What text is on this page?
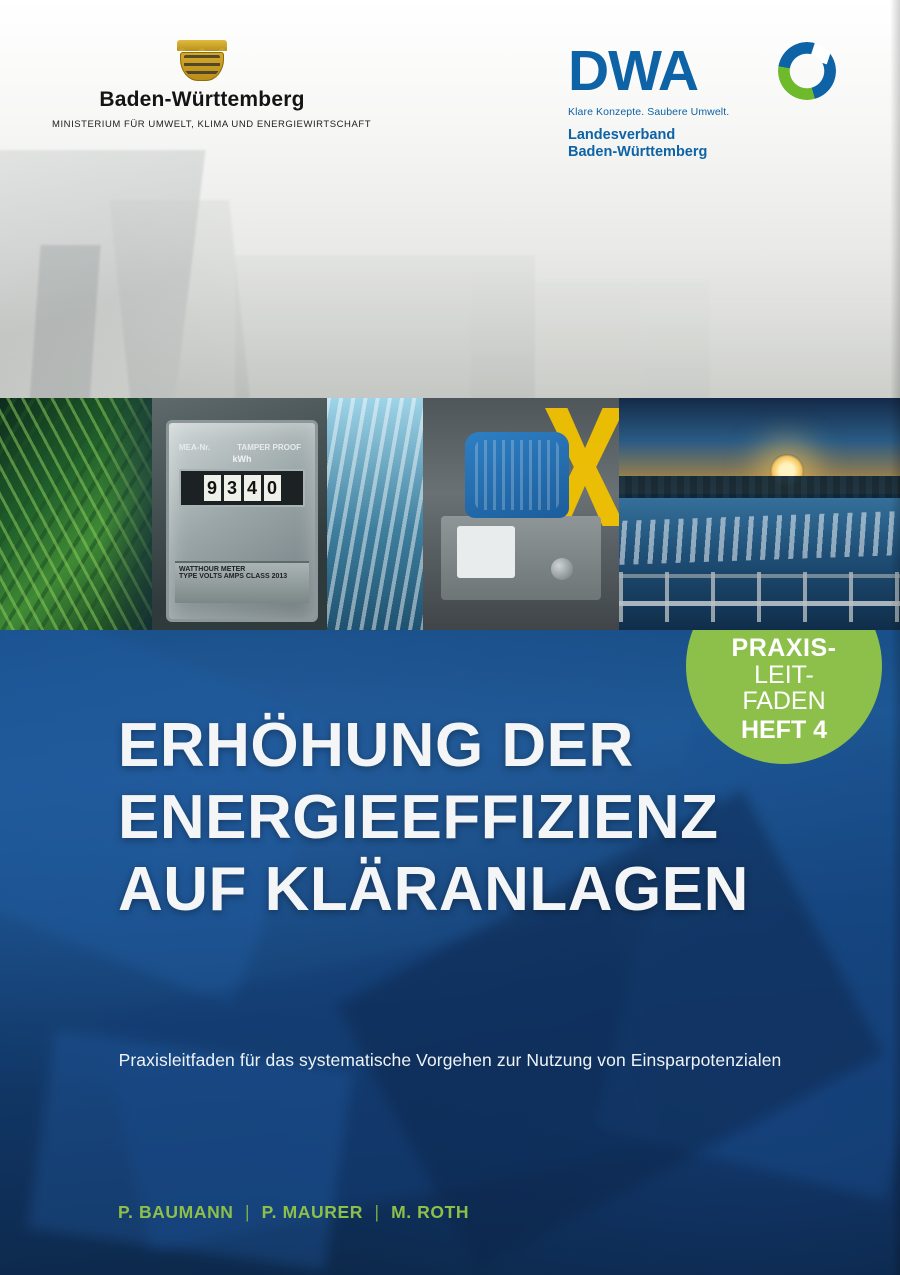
Baden-Württemberg
MINISTERIUM FÜR UMWELT, KLIMA UND ENERGIEWIRTSCHAFT
DWA
Klare Konzepte. Saubere Umwelt.
Landesverband
Baden-Württemberg
MEA-Nr.	TAMPER PROOF
kWh
9 3 4 0
WATTHOUR METER
TYPE VOLTS AMPS CLASS 2013
PRAXIS-
LEIT-
FADEN
HEFT 4
ERHÖHUNG DER
ENERGIEEFFIZIENZ
AUF KLÄRANLAGEN
Praxisleitfaden für das systematische Vorgehen zur Nutzung von Einsparpotenzialen
P. BAUMANN | P. MAURER | M. ROTH
